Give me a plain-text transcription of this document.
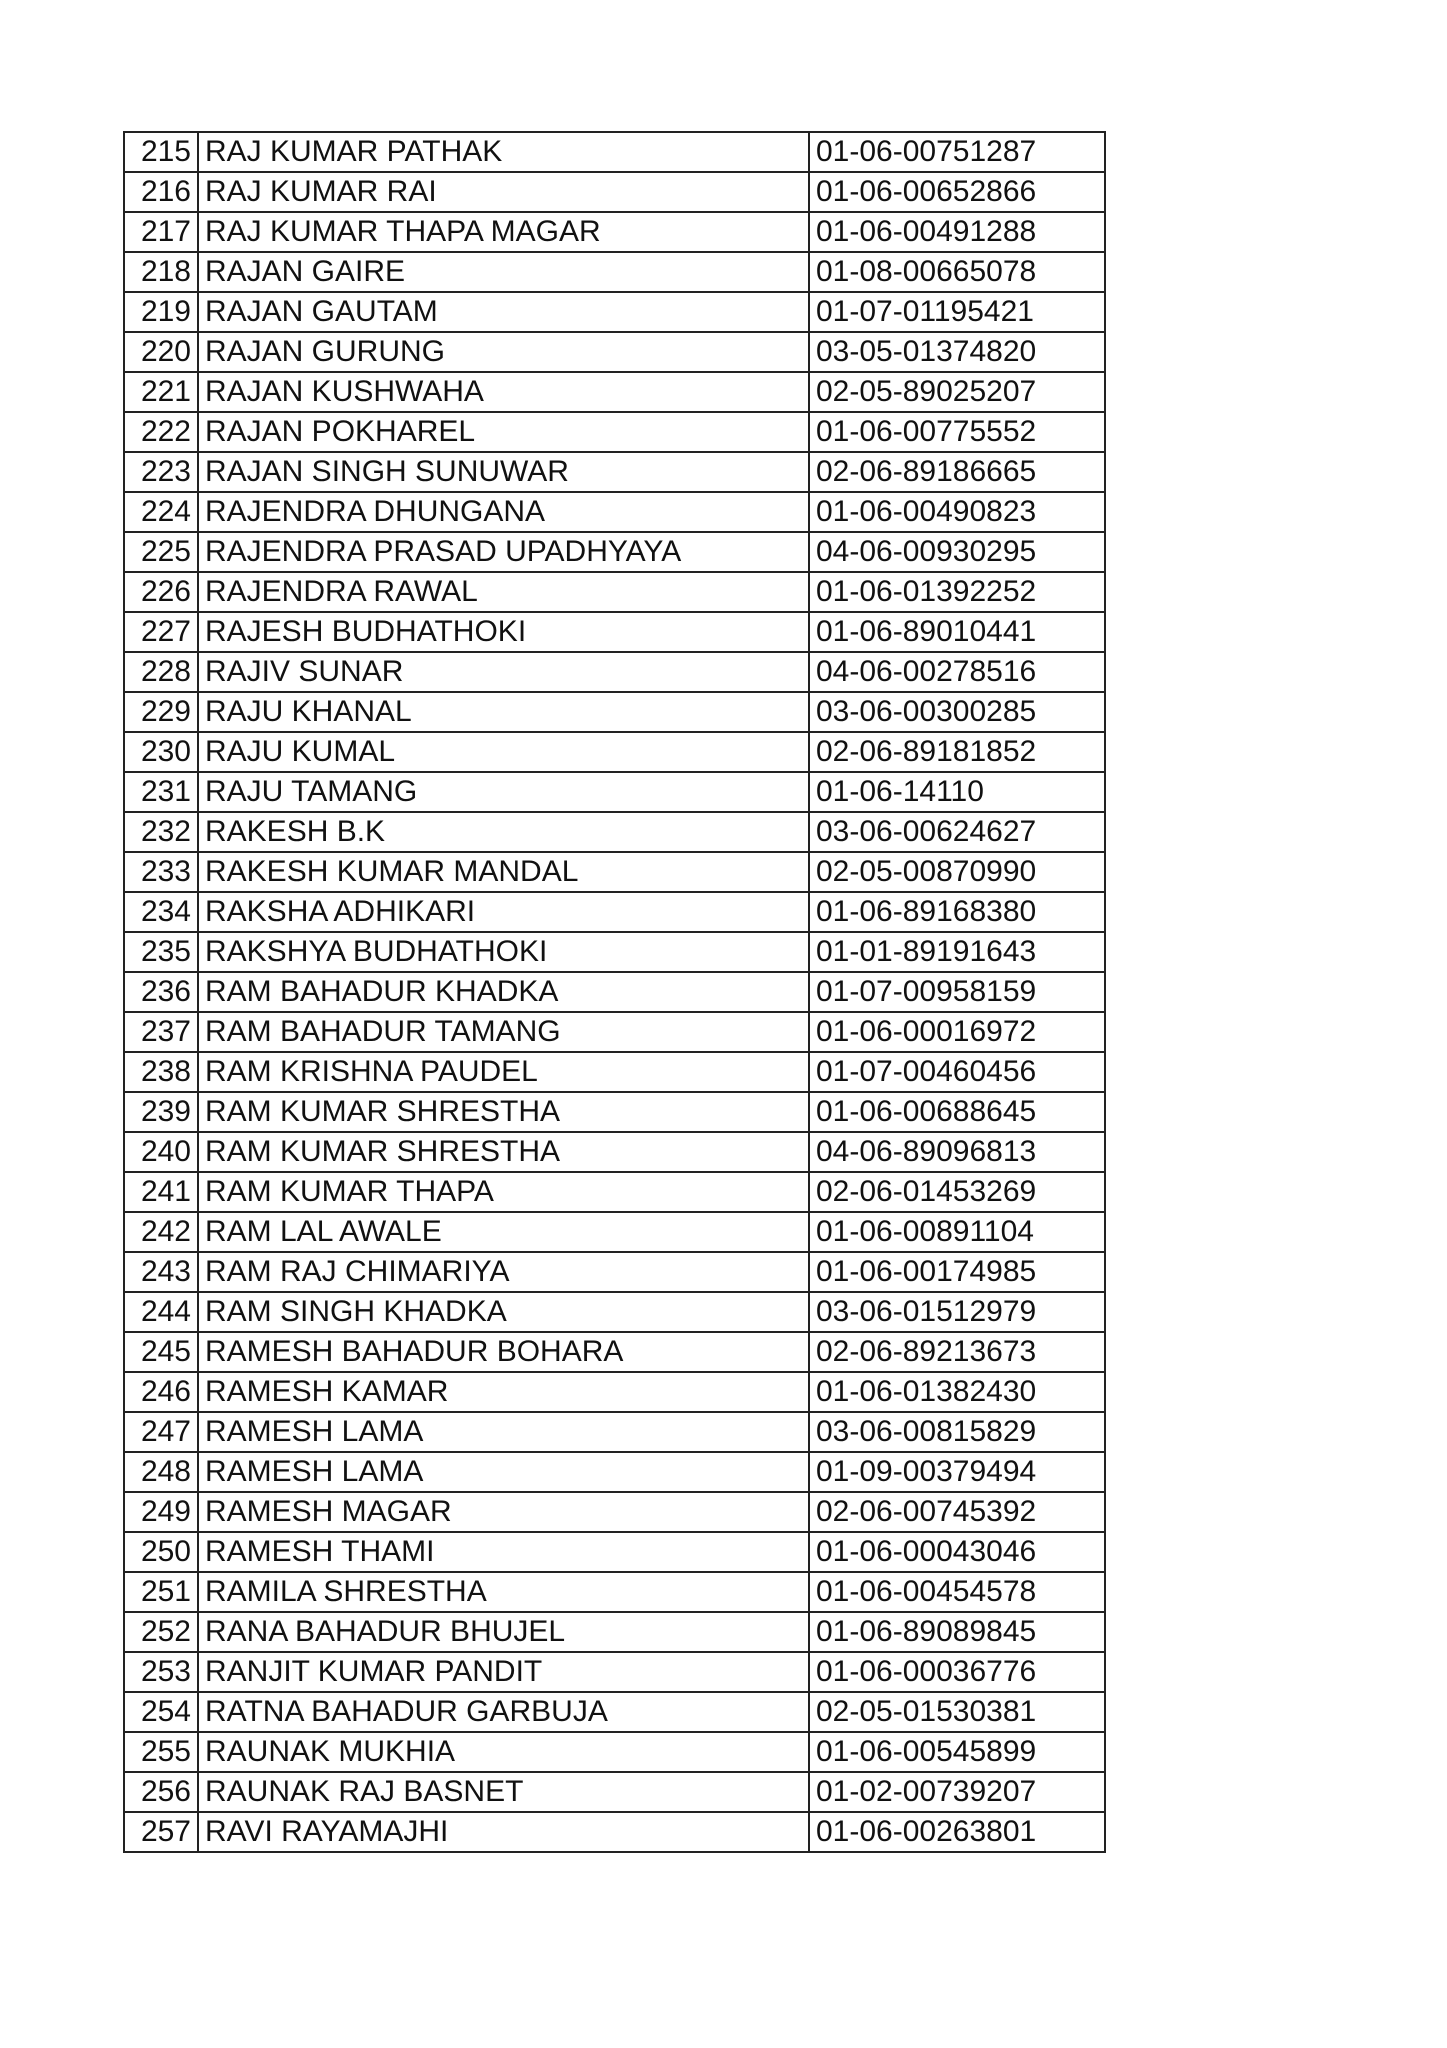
215	RAJ KUMAR PATHAK	01-06-00751287
216	RAJ KUMAR RAI	01-06-00652866
217	RAJ KUMAR THAPA MAGAR	01-06-00491288
218	RAJAN GAIRE	01-08-00665078
219	RAJAN GAUTAM	01-07-01195421
220	RAJAN GURUNG	03-05-01374820
221	RAJAN KUSHWAHA	02-05-89025207
222	RAJAN POKHAREL	01-06-00775552
223	RAJAN SINGH SUNUWAR	02-06-89186665
224	RAJENDRA DHUNGANA	01-06-00490823
225	RAJENDRA PRASAD UPADHYAYA	04-06-00930295
226	RAJENDRA RAWAL	01-06-01392252
227	RAJESH BUDHATHOKI	01-06-89010441
228	RAJIV SUNAR	04-06-00278516
229	RAJU KHANAL	03-06-00300285
230	RAJU KUMAL	02-06-89181852
231	RAJU TAMANG	01-06-14110
232	RAKESH B.K	03-06-00624627
233	RAKESH KUMAR MANDAL	02-05-00870990
234	RAKSHA ADHIKARI	01-06-89168380
235	RAKSHYA BUDHATHOKI	01-01-89191643
236	RAM BAHADUR KHADKA	01-07-00958159
237	RAM BAHADUR TAMANG	01-06-00016972
238	RAM KRISHNA PAUDEL	01-07-00460456
239	RAM KUMAR SHRESTHA	01-06-00688645
240	RAM KUMAR SHRESTHA	04-06-89096813
241	RAM KUMAR THAPA	02-06-01453269
242	RAM LAL AWALE	01-06-00891104
243	RAM RAJ CHIMARIYA	01-06-00174985
244	RAM SINGH KHADKA	03-06-01512979
245	RAMESH BAHADUR BOHARA	02-06-89213673
246	RAMESH KAMAR	01-06-01382430
247	RAMESH LAMA	03-06-00815829
248	RAMESH LAMA	01-09-00379494
249	RAMESH MAGAR	02-06-00745392
250	RAMESH THAMI	01-06-00043046
251	RAMILA SHRESTHA	01-06-00454578
252	RANA BAHADUR BHUJEL	01-06-89089845
253	RANJIT KUMAR PANDIT	01-06-00036776
254	RATNA BAHADUR GARBUJA	02-05-01530381
255	RAUNAK MUKHIA	01-06-00545899
256	RAUNAK RAJ BASNET	01-02-00739207
257	RAVI RAYAMAJHI	01-06-00263801
